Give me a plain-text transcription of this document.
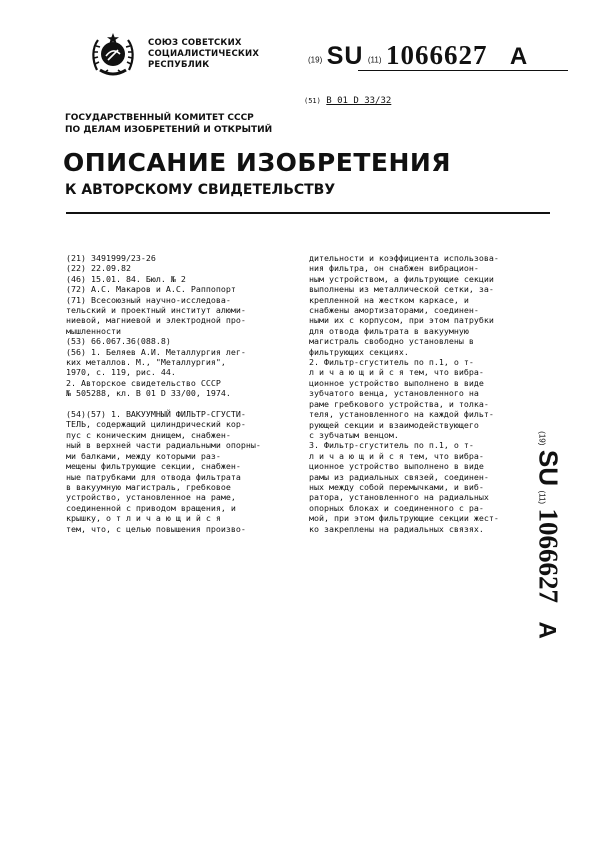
СОЮЗ СОВЕТСКИХ
СОЦИАЛИСТИЧЕСКИХ
РЕСПУБЛИК
(19) SU (11) 1066627 A
(51) B 01 D 33/32
ГОСУДАРСТВЕННЫЙ КОМИТЕТ СССР
ПО ДЕЛАМ ИЗОБРЕТЕНИЙ И ОТКРЫТИЙ
ОПИСАНИЕ ИЗОБРЕТЕНИЯ
К АВТОРСКОМУ СВИДЕТЕЛЬСТВУ
(21) 3491999/23-26
(22) 22.09.82
(46) 15.01. 84. Бюл. № 2
(72) А.С. Макаров и А.С. Раппопорт
(71) Всесоюзный научно-исследова-
тельский и проектный институт алюми-
ниевой, магниевой и электродной про-
мышленности
(53) 66.067.36(088.8)
(56) 1. Беляев А.И. Металлургия лег-
ких металлов. М., "Металлургия",
1970, с. 119, рис. 44.
2. Авторское свидетельство СССР
№ 505288, кл. B 01 D 33/00, 1974.
(54)(57) 1. ВАКУУМНЫЙ ФИЛЬТР-СГУСТИ-
ТЕЛЬ, содержащий цилиндрический кор-
пус с коническим днищем, снабжен-
ный в верхней части радиальными опорны-
ми балками, между которыми раз-
мещены фильтрующие секции, снабжен-
ные патрубками для отвода фильтрата
в вакуумную магистраль, гребковое
устройство, установленное на раме,
соединенной с приводом вращения, и
крышку, о т л и ч а ю щ и й с я
тем, что, с целью повышения произво-
дительности и коэффициента использова-
ния фильтра, он снабжен вибрацион-
ным устройством, а фильтрующие секции
выполнены из металлической сетки, за-
крепленной на жестком каркасе, и
снабжены амортизаторами, соединен-
ными их с корпусом, при этом патрубки
для отвода фильтрата в вакуумную
магистраль свободно установлены в
фильтрующих секциях.
2. Фильтр-сгуститель по п.1, о т-
л и ч а ю щ и й с я тем, что вибра-
ционное устройство выполнено в виде
зубчатого венца, установленного на
раме гребкового устройства, и толка-
теля, установленного на каждой фильт-
рующей секции и взаимодействующего
с зубчатым венцом.
3. Фильтр-сгуститель по п.1, о т-
л и ч а ю щ и й с я тем, что вибра-
ционное устройство выполнено в виде
рамы из радиальных связей, соединен-
ных между собой перемычками, и виб-
ратора, установленного на радиальных
опорных блоках и соединенного с ра-
мой, при этом фильтрующие секции жест-
ко закреплены на радиальных связях.
(19) SU (11) 1066627 A
